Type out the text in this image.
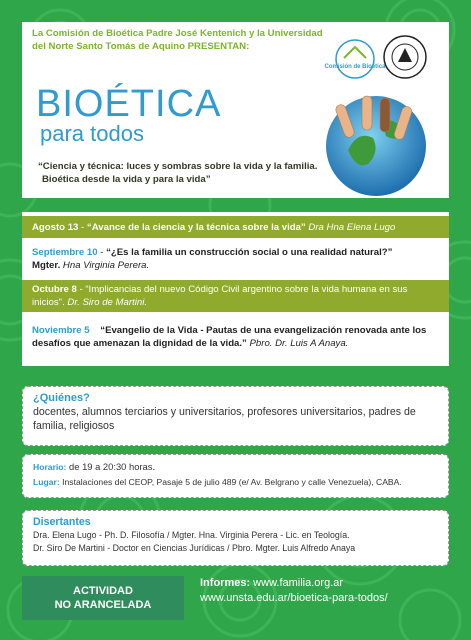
La Comisión de Bioética Padre José Kentenich y la Universidad del Norte Santo Tomás de Aquino PRESENTAN:
Comisión de Bioética
BIOÉTICA
para todos
“Ciencia y técnica: luces y sombras sobre la vida y la familia.
Bioética desde la vida y para la vida”
Agosto 13 - “Avance de la ciencia y la técnica sobre la vida” Dra Hna Elena Lugo
Septiembre 10 - “¿Es la familia un construcción social o una realidad natural?”
Mgter. Hna Virginia Perera.
Octubre 8 - “Implicancias del nuevo Código Civil argentino sobre la vida humana en sus inicios". Dr. Siro de Martini.
Noviembre 5 “Evangelio de la Vida - Pautas de una evangelización renovada ante los desafíos que amenazan la dignidad de la vida.” Pbro. Dr. Luis A Anaya.
¿Quiénes?
docentes, alumnos terciarios y universitarios, profesores universitarios, padres de familia, religiosos
Horario: de 19 a 20:30 horas.
Lugar: Instalaciones del CEOP, Pasaje 5 de julio 489 (e/ Av. Belgrano y calle Venezuela), CABA.
Disertantes
Dra. Elena Lugo - Ph. D. Filosofía / Mgter. Hna. Virginia Perera - Lic. en Teología.
Dr. Siro De Martini - Doctor en Ciencias Jurídicas / Pbro. Mgter. Luis Alfredo Anaya
ACTIVIDAD
NO ARANCELADA
Informes: www.familia.org.ar
www.unsta.edu.ar/bioetica-para-todos/
